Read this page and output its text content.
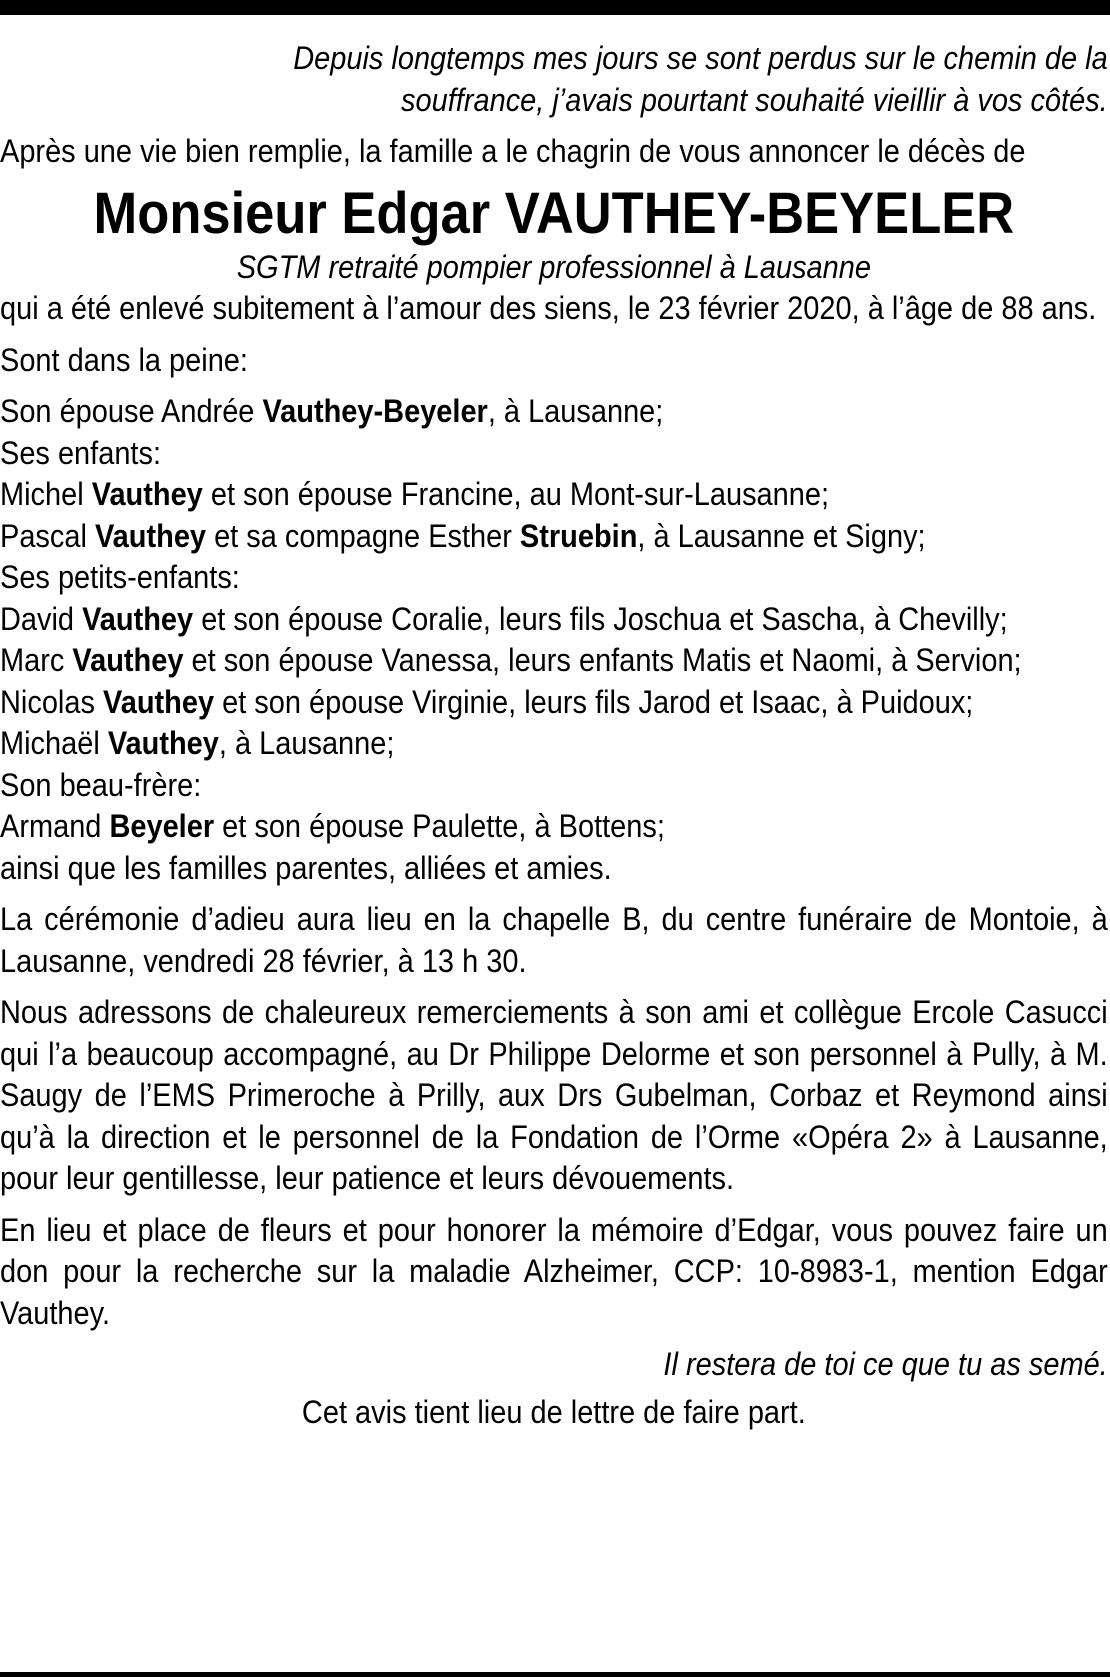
Depuis longtemps mes jours se sont perdus sur le chemin de la
souffrance, j’avais pourtant souhaité vieillir à vos côtés.

Après une vie bien remplie, la famille a le chagrin de vous annoncer le décès de

Monsieur Edgar VAUTHEY-BEYELER

SGTM retraité pompier professionnel à Lausanne

qui a été enlevé subitement à l’amour des siens, le 23 février 2020, à l’âge de 88 ans.

Sont dans la peine:

Son épouse Andrée Vauthey-Beyeler, à Lausanne;
Ses enfants:
Michel Vauthey et son épouse Francine, au Mont-sur-Lausanne;
Pascal Vauthey et sa compagne Esther Struebin, à Lausanne et Signy;
Ses petits-enfants:
David Vauthey et son épouse Coralie, leurs fils Joschua et Sascha, à Chevilly;
Marc Vauthey et son épouse Vanessa, leurs enfants Matis et Naomi, à Servion;
Nicolas Vauthey et son épouse Virginie, leurs fils Jarod et Isaac, à Puidoux;
Michaël Vauthey, à Lausanne;
Son beau-frère:
Armand Beyeler et son épouse Paulette, à Bottens;
ainsi que les familles parentes, alliées et amies.

La cérémonie d’adieu aura lieu en la chapelle B, du centre funéraire de Montoie, à Lausanne, vendredi 28 février, à 13 h 30.

Nous adressons de chaleureux remerciements à son ami et collègue Ercole Casucci qui l’a beaucoup accompagné, au Dr Philippe Delorme et son personnel à Pully, à M. Saugy de l’EMS Primeroche à Prilly, aux Drs Gubelman, Corbaz et Reymond ainsi qu’à la direction et le personnel de la Fondation de l’Orme «Opéra 2» à Lausanne, pour leur gentillesse, leur patience et leurs dévouements.

En lieu et place de fleurs et pour honorer la mémoire d’Edgar, vous pouvez faire un don pour la recherche sur la maladie Alzheimer, CCP: 10-8983-1, mention Edgar Vauthey.

Il restera de toi ce que tu as semé.

Cet avis tient lieu de lettre de faire part.
